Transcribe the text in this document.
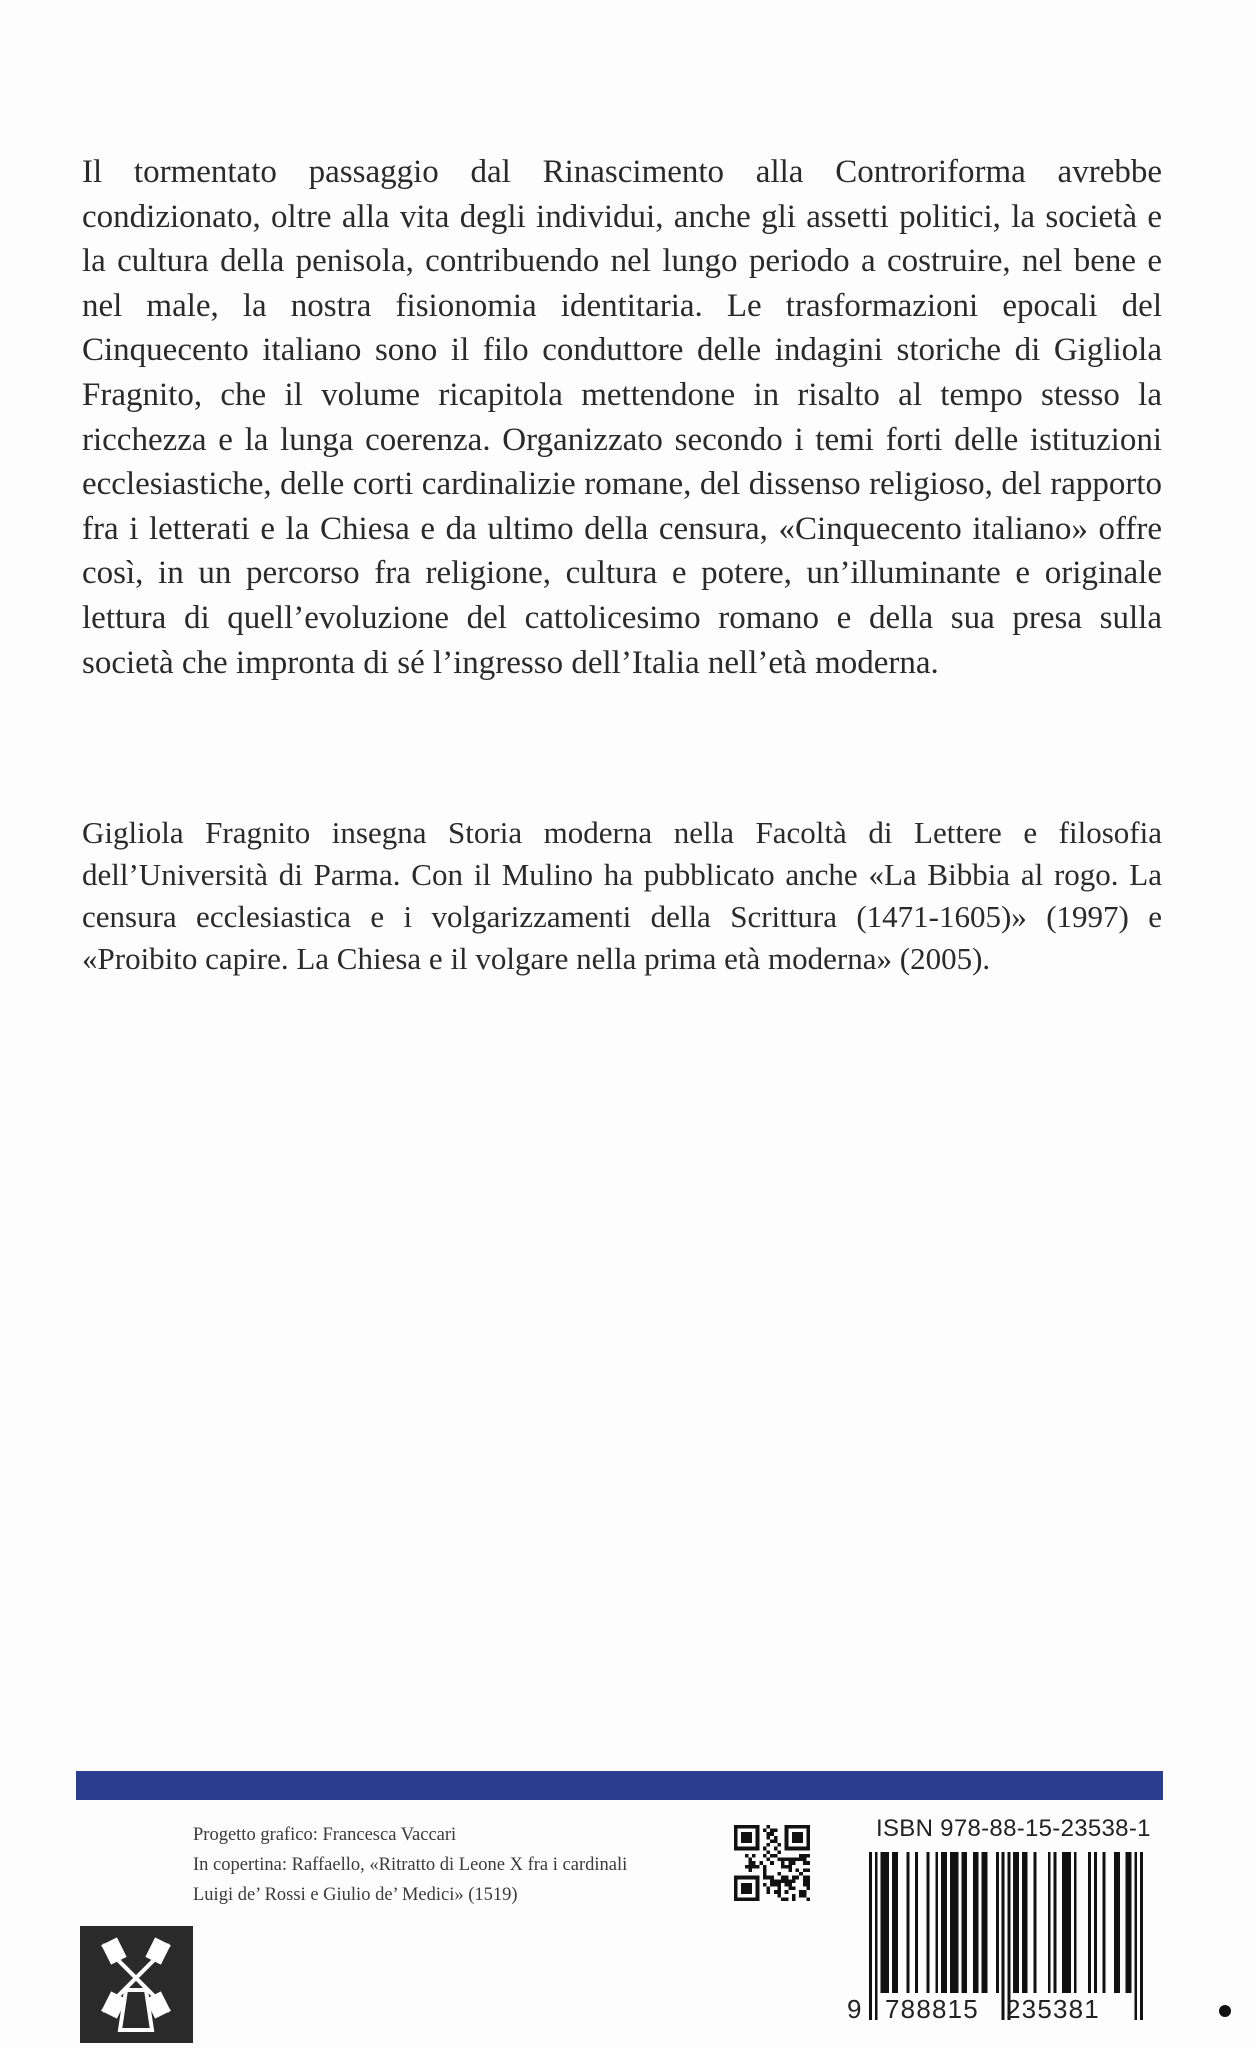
Il tormentato passaggio dal Rinascimento alla Controriforma avrebbe condizionato, oltre alla vita degli individui, anche gli assetti politici, la società e la cultura della penisola, contribuendo nel lungo periodo a costruire, nel bene e nel male, la nostra fisionomia identitaria. Le trasformazioni epocali del Cinquecento italiano sono il filo conduttore delle indagini storiche di Gigliola Fragnito, che il volume ricapitola mettendone in risalto al tempo stesso la ricchezza e la lunga coerenza. Organizzato secondo i temi forti delle istituzioni ecclesiastiche, delle corti cardinalizie romane, del dissenso religioso, del rapporto fra i letterati e la Chiesa e da ultimo della censura, «Cinquecento italiano» offre così, in un percorso fra religione, cultura e potere, un’illuminante e originale lettura di quell’evoluzione del cattolicesimo romano e della sua presa sulla società che impronta di sé l’ingresso dell’Italia nell’età moderna.

Gigliola Fragnito insegna Storia moderna nella Facoltà di Lettere e filosofia dell’Università di Parma. Con il Mulino ha pubblicato anche «La Bibbia al rogo. La censura ecclesiastica e i volgarizzamenti della Scrittura (1471-1605)» (1997) e «Proibito capire. La Chiesa e il volgare nella prima età moderna» (2005).

Progetto grafico: Francesca Vaccari
In copertina: Raffaello, «Ritratto di Leone X fra i cardinali
Luigi de’ Rossi e Giulio de’ Medici» (1519)
ISBN 978-88-15-23538-1
9 788815 235381
